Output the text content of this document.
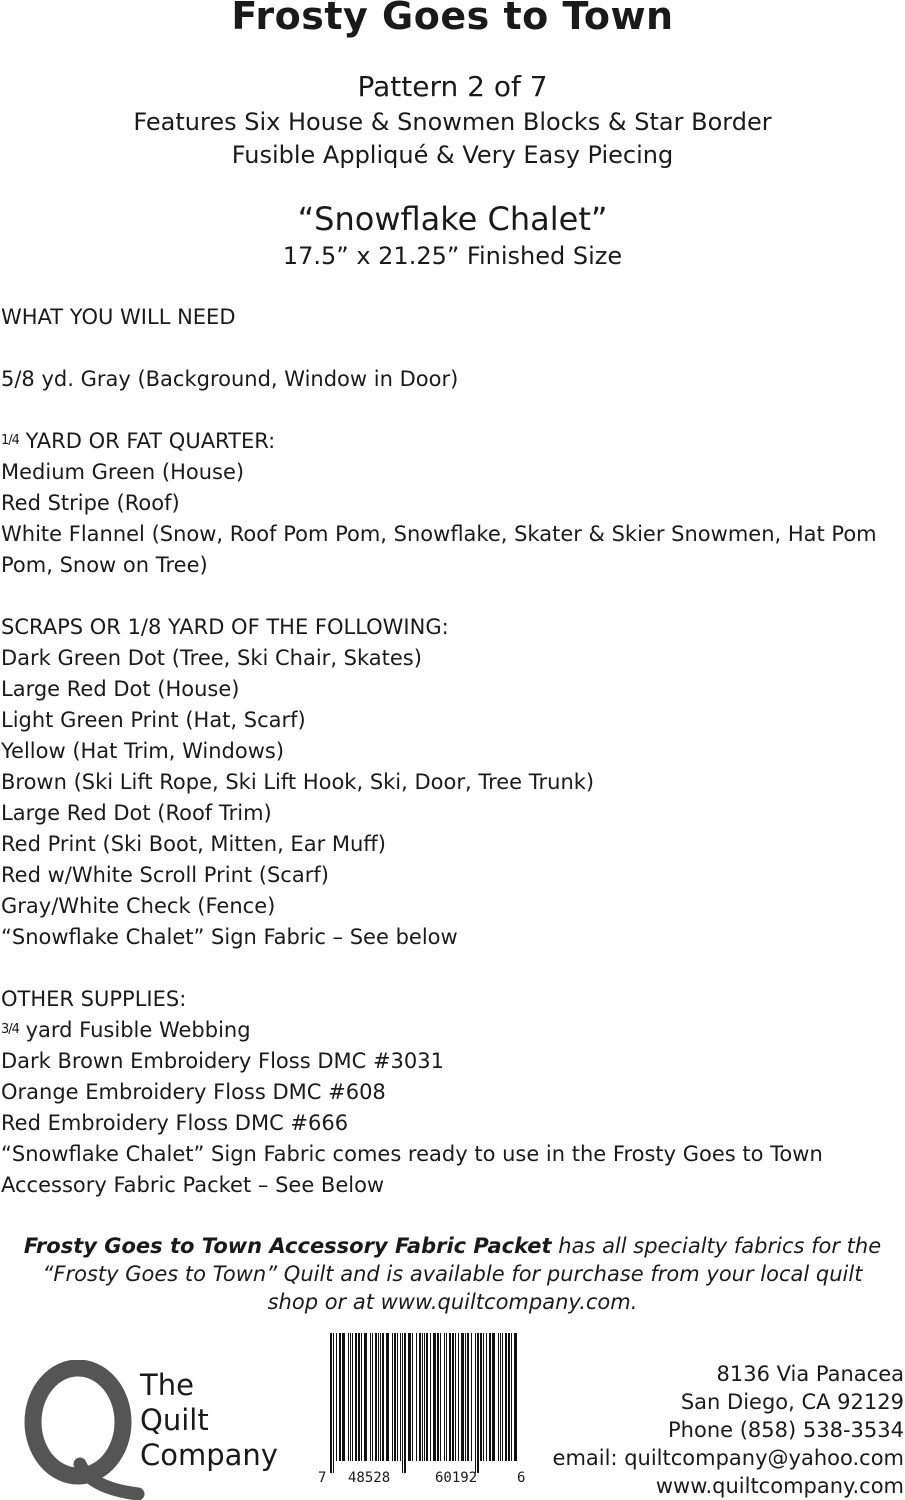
Frosty Goes to Town
Pattern 2 of 7
Features Six House & Snowmen Blocks & Star Border
Fusible Appliqué & Very Easy Piecing
“Snowflake Chalet”
17.5” x 21.25” Finished Size
WHAT YOU WILL NEED
5/8 yd. Gray (Background, Window in Door)
1/4 YARD OR FAT QUARTER:
Medium Green (House)
Red Stripe (Roof)
White Flannel (Snow, Roof Pom Pom, Snowflake, Skater & Skier Snowmen, Hat Pom
Pom, Snow on Tree)
SCRAPS OR 1/8 YARD OF THE FOLLOWING:
Dark Green Dot (Tree, Ski Chair, Skates)
Large Red Dot (House)
Light Green Print (Hat, Scarf)
Yellow (Hat Trim, Windows)
Brown (Ski Lift Rope, Ski Lift Hook, Ski, Door, Tree Trunk)
Large Red Dot (Roof Trim)
Red Print (Ski Boot, Mitten, Ear Muff)
Red w/White Scroll Print (Scarf)
Gray/White Check (Fence)
“Snowflake Chalet” Sign Fabric – See below
OTHER SUPPLIES:
3/4 yard Fusible Webbing
Dark Brown Embroidery Floss DMC #3031
Orange Embroidery Floss DMC #608
Red Embroidery Floss DMC #666
“Snowflake Chalet” Sign Fabric comes ready to use in the Frosty Goes to Town
Accessory Fabric Packet – See Below
Frosty Goes to Town Accessory Fabric Packet has all specialty fabrics for the
“Frosty Goes to Town” Quilt and is available for purchase from your local quilt
shop or at www.quiltcompany.com.
The
Quilt
Company
7 48528	60192	6
8136 Via Panacea
San Diego, CA 92129
Phone (858) 538-3534
email: quiltcompany@yahoo.com
www.quiltcompany.com
